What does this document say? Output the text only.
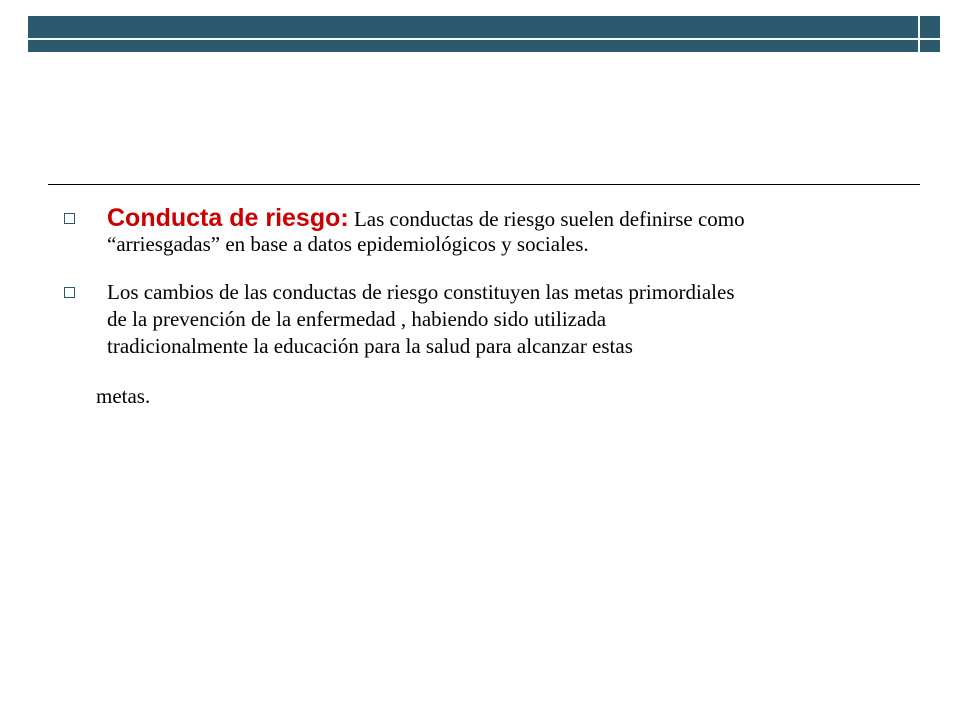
Conducta de riesgo: Las conductas de riesgo suelen definirse como
“arriesgadas” en base a datos epidemiológicos y sociales.
Los cambios de las conductas de riesgo constituyen las metas primordiales
de la prevención de la enfermedad , habiendo sido utilizada
tradicionalmente la educación para la salud para alcanzar estas
metas.
